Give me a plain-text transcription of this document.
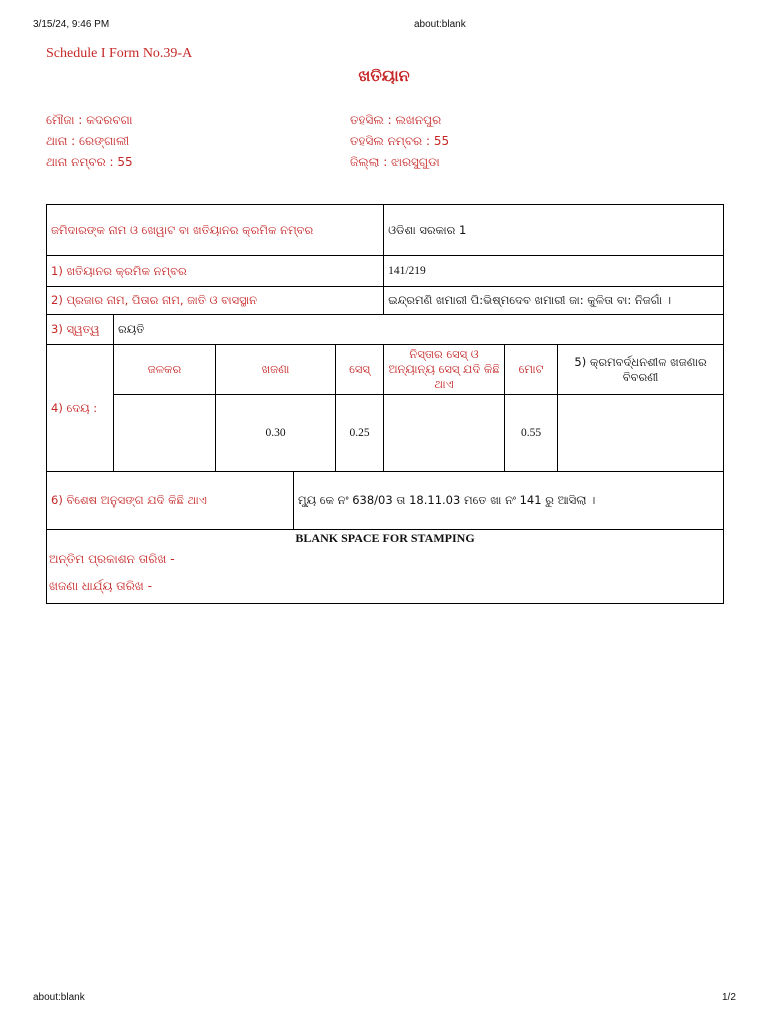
3/15/24, 9:46 PM	about:blank
about:blank	1/2
Schedule I Form No.39-A
ଖତିୟାନ
ମୌଜା : କଦରବଗା
ଥାନା : ରେଙ୍ଗାଲୀ
ଥାନା ନମ୍ବର : 55
ତହସିଲ : ଲଖନପୁର
ତହସିଲ ନମ୍ବର : 55
ଜିଲ୍ଲା : ଝାରସୁଗୁଡା
ଜମିଦାରଙ୍କ ନାମ ଓ ଖେୱାଟ ବା ଖତିୟାନର କ୍ରମିକ ନମ୍ବର					ଓଡିଶା ସରକାର 1		
1) ଖତିୟାନର କ୍ରମିକ ନମ୍ବର					141/219		
2) ପ୍ରଜାର ନାମ, ପିତାର ନାମ, ଜାତି ଓ ବାସସ୍ଥାନ					ଇନ୍ଦ୍ରମଣି ଖମାରୀ ପି:ଭିଷ୍ମଦେବ ଖମାରୀ ଜା: କୁଳିତା ବା: ନିଜଗାଁ ।		
3) ସ୍ୱତ୍ୱ	ରୟତି						
4) ଦେୟ :	ଜଳକର	ଖଜଣା		ସେସ୍	ନିସ୍ତାର ସେସ୍ ଓ ଅନ୍ୟାନ୍ୟ ସେସ୍ ଯଦି କିଛି ଥାଏ	ମୋଟ	5) କ୍ରମବର୍ଦ୍ଧନଶୀଳ ଖଜଣାର ବିବରଣୀ
		0.30		0.25		0.55	
6) ବିଶେଷ ଅନୁସଙ୍ଗ ଯଦି କିଛି ଥାଏ			ମ୍ୟୁ କେ ନଂ 638/03 ତା 18.11.03 ମତେ ଖା ନଂ 141 ରୁ ଆସିଲା ।				

BLANK SPACE FOR STAMPING
ଅନ୍ତିମ ପ୍ରକାଶନ ତାରିଖ -
ଖଜଣା ଧାର୍ଯ୍ୟ ତାରିଖ -							
